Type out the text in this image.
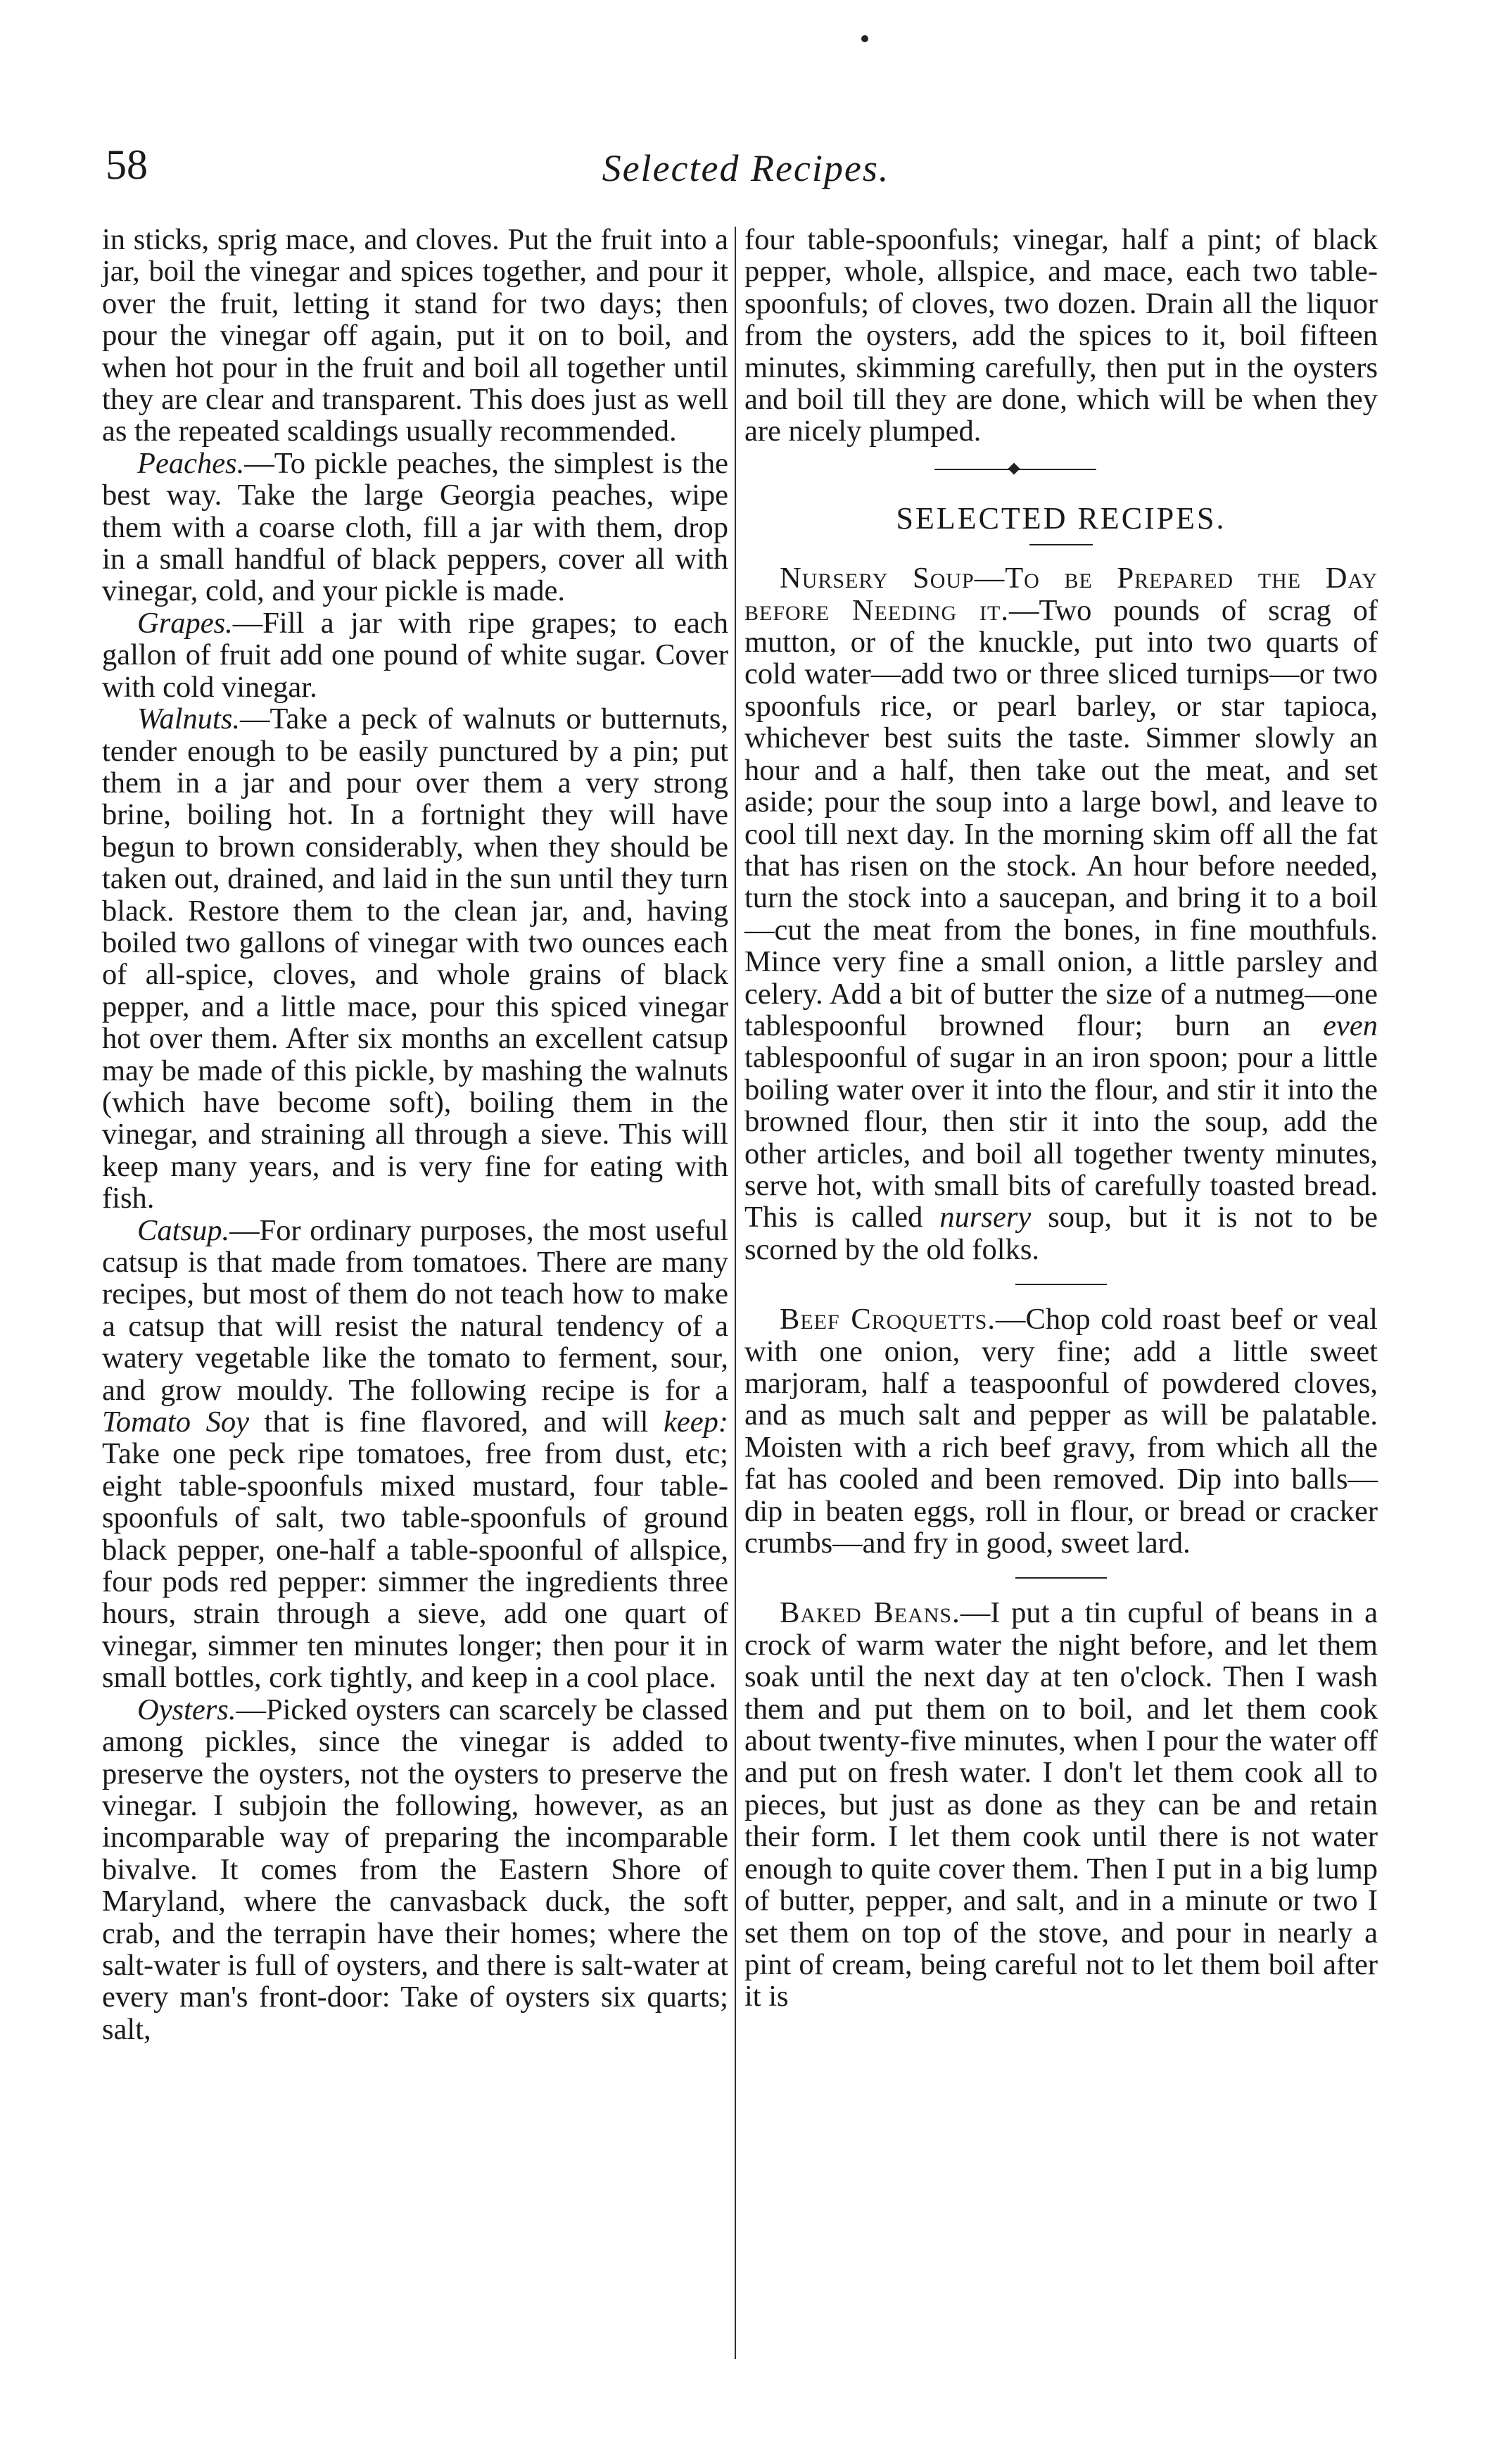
58	Selected Recipes.

in sticks, sprig mace, and cloves. Put the fruit into a jar, boil the vinegar and spices together, and pour it over the fruit, letting it stand for two days; then pour the vinegar off again, put it on to boil, and when hot pour in the fruit and boil all together until they are clear and transparent. This does just as well as the repeated scaldings usually recommended.

Peaches.—To pickle peaches, the simplest is the best way. Take the large Georgia peaches, wipe them with a coarse cloth, fill a jar with them, drop in a small handful of black peppers, cover all with vinegar, cold, and your pickle is made.

Grapes.—Fill a jar with ripe grapes; to each gallon of fruit add one pound of white sugar. Cover with cold vinegar.

Walnuts.—Take a peck of walnuts or butternuts, tender enough to be easily punctured by a pin; put them in a jar and pour over them a very strong brine, boiling hot. In a fortnight they will have begun to brown considerably, when they should be taken out, drained, and laid in the sun until they turn black. Restore them to the clean jar, and, having boiled two gallons of vinegar with two ounces each of all-spice, cloves, and whole grains of black pepper, and a little mace, pour this spiced vinegar hot over them. After six months an excellent catsup may be made of this pickle, by mashing the walnuts (which have become soft), boiling them in the vinegar, and straining all through a sieve. This will keep many years, and is very fine for eating with fish.

Catsup.—For ordinary purposes, the most useful catsup is that made from tomatoes. There are many recipes, but most of them do not teach how to make a catsup that will resist the natural tendency of a watery vegetable like the tomato to ferment, sour, and grow mouldy. The following recipe is for a Tomato Soy that is fine flavored, and will keep: Take one peck ripe tomatoes, free from dust, etc; eight table-spoonfuls mixed mustard, four table-spoonfuls of salt, two table-spoonfuls of ground black pepper, one-half a table-spoonful of allspice, four pods red pepper: simmer the ingredients three hours, strain through a sieve, add one quart of vinegar, simmer ten minutes longer; then pour it in small bottles, cork tightly, and keep in a cool place.

Oysters.—Picked oysters can scarcely be classed among pickles, since the vinegar is added to preserve the oysters, not the oysters to preserve the vinegar. I subjoin the following, however, as an incomparable way of preparing the incomparable bivalve. It comes from the Eastern Shore of Maryland, where the canvasback duck, the soft crab, and the terrapin have their homes; where the salt-water is full of oysters, and there is salt-water at every man's front-door: Take of oysters six quarts; salt,

four table-spoonfuls; vinegar, half a pint; of black pepper, whole, allspice, and mace, each two table-spoonfuls; of cloves, two dozen. Drain all the liquor from the oysters, add the spices to it, boil fifteen minutes, skimming carefully, then put in the oysters and boil till they are done, which will be when they are nicely plumped.

SELECTED RECIPES.

Nursery Soup—To be Prepared the Day before Needing it.—Two pounds of scrag of mutton, or of the knuckle, put into two quarts of cold water—add two or three sliced turnips—or two spoonfuls rice, or pearl barley, or star tapioca, whichever best suits the taste. Simmer slowly an hour and a half, then take out the meat, and set aside; pour the soup into a large bowl, and leave to cool till next day. In the morning skim off all the fat that has risen on the stock. An hour before needed, turn the stock into a saucepan, and bring it to a boil—cut the meat from the bones, in fine mouthfuls. Mince very fine a small onion, a little parsley and celery. Add a bit of butter the size of a nutmeg—one tablespoonful browned flour; burn an even tablespoonful of sugar in an iron spoon; pour a little boiling water over it into the flour, and stir it into the browned flour, then stir it into the soup, add the other articles, and boil all together twenty minutes, serve hot, with small bits of carefully toasted bread. This is called nursery soup, but it is not to be scorned by the old folks.

Beef Croquetts.—Chop cold roast beef or veal with one onion, very fine; add a little sweet marjoram, half a teaspoonful of powdered cloves, and as much salt and pepper as will be palatable. Moisten with a rich beef gravy, from which all the fat has cooled and been removed. Dip into balls—dip in beaten eggs, roll in flour, or bread or cracker crumbs—and fry in good, sweet lard.

Baked Beans.—I put a tin cupful of beans in a crock of warm water the night before, and let them soak until the next day at ten o'clock. Then I wash them and put them on to boil, and let them cook about twenty-five minutes, when I pour the water off and put on fresh water. I don't let them cook all to pieces, but just as done as they can be and retain their form. I let them cook until there is not water enough to quite cover them. Then I put in a big lump of butter, pepper, and salt, and in a minute or two I set them on top of the stove, and pour in nearly a pint of cream, being careful not to let them boil after it is
